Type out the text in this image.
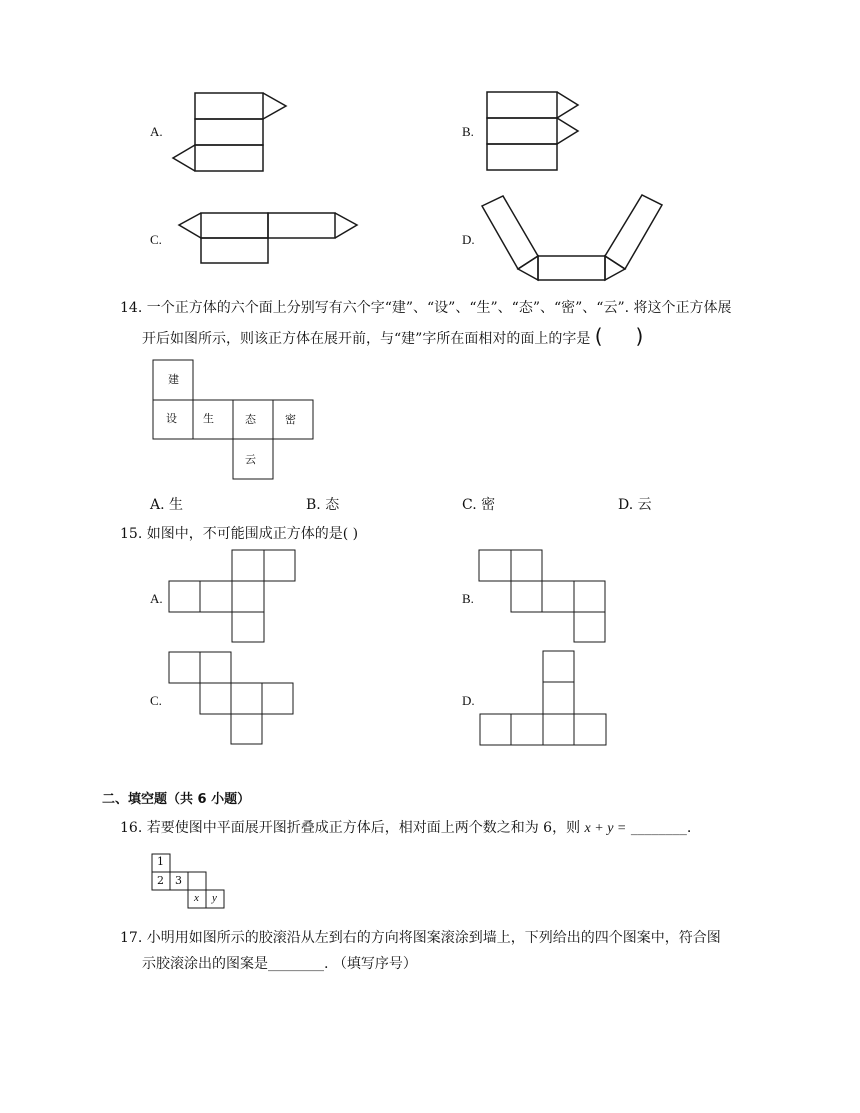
A.	B.
C.	D.
14. 一个正方体的六个面上分别写有六个字“建”、“设”、“生”、“态”、“密”、“云”. 将这个正方体展
开后如图所示，则该正方体在展开前，与“建”字所在面相对的面上的字是 ( )
建
设 生	态	密
云
A. 生	B. 态	C. 密	D. 云
15. 如图中，不可能围成正方体的是( )
A.	B.
C.	D.
二、填空题（共 6 小题）
16. 若要使图中平面展开图折叠成正方体后，相对面上两个数之和为 6，则 x + y = ________.
1
2 3
x y
17. 小明用如图所示的胶滚沿从左到右的方向将图案滚涂到墙上，下列给出的四个图案中，符合图
示胶滚涂出的图案是________. （填写序号）
